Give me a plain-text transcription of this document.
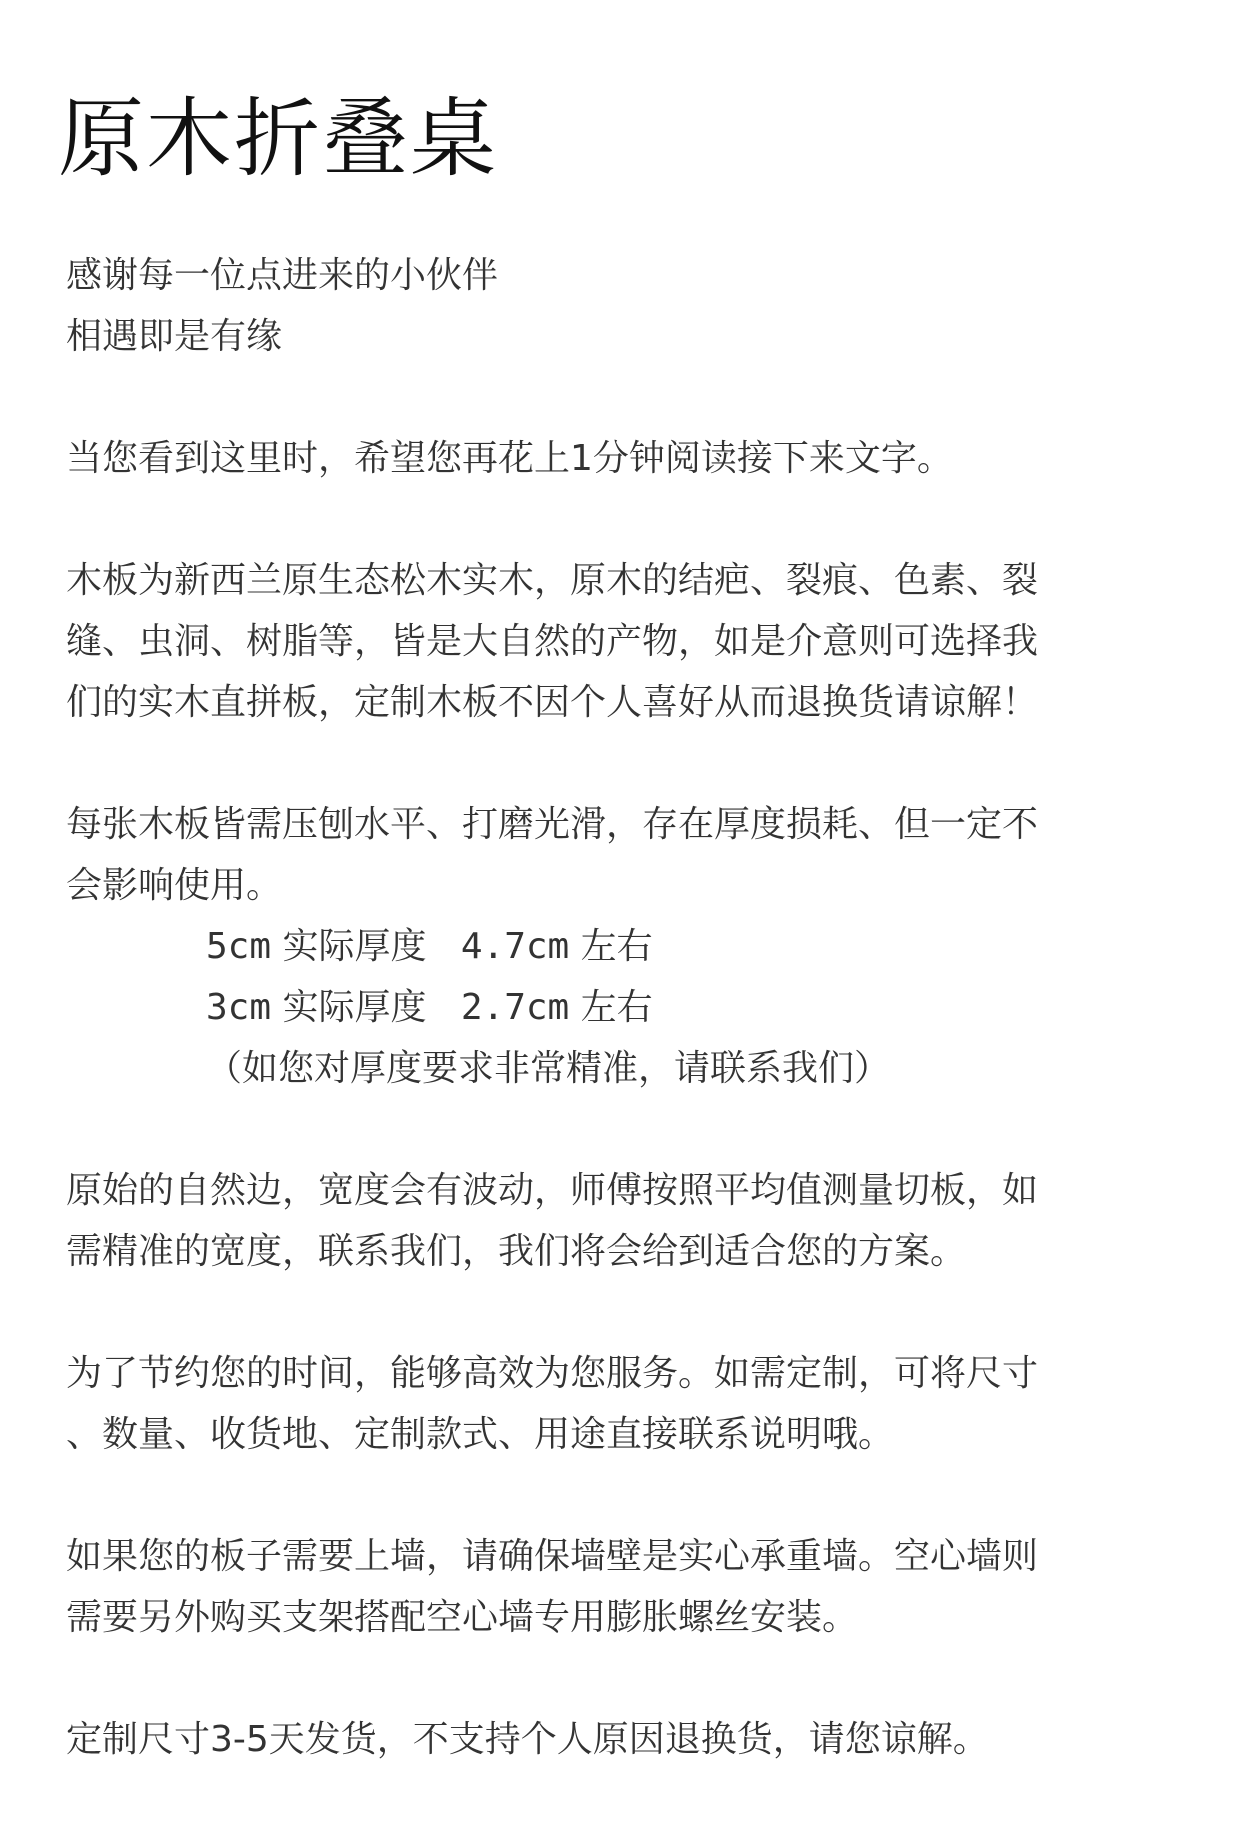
原木折叠桌

感谢每一位点进来的小伙伴

相遇即是有缘

当您看到这里时，希望您再花上1分钟阅读接下来文字。

木板为新西兰原生态松木实木，原木的结疤、裂痕、色素、裂

缝、虫洞、树脂等，皆是大自然的产物，如是介意则可选择我

们的实木直拼板，定制木板不因个人喜好从而退换货请谅解！

每张木板皆需压刨水平、打磨光滑，存在厚度损耗、但一定不

会影响使用。

5cm 实际厚度 4.7cm 左右

3cm 实际厚度 2.7cm 左右

（如您对厚度要求非常精准，请联系我们）

原始的自然边，宽度会有波动，师傅按照平均值测量切板，如

需精准的宽度，联系我们，我们将会给到适合您的方案。

为了节约您的时间，能够高效为您服务。如需定制，可将尺寸

、数量、收货地、定制款式、用途直接联系说明哦。

如果您的板子需要上墙，请确保墙壁是实心承重墙。空心墙则

需要另外购买支架搭配空心墙专用膨胀螺丝安装。

定制尺寸3-5天发货，不支持个人原因退换货，请您谅解。
